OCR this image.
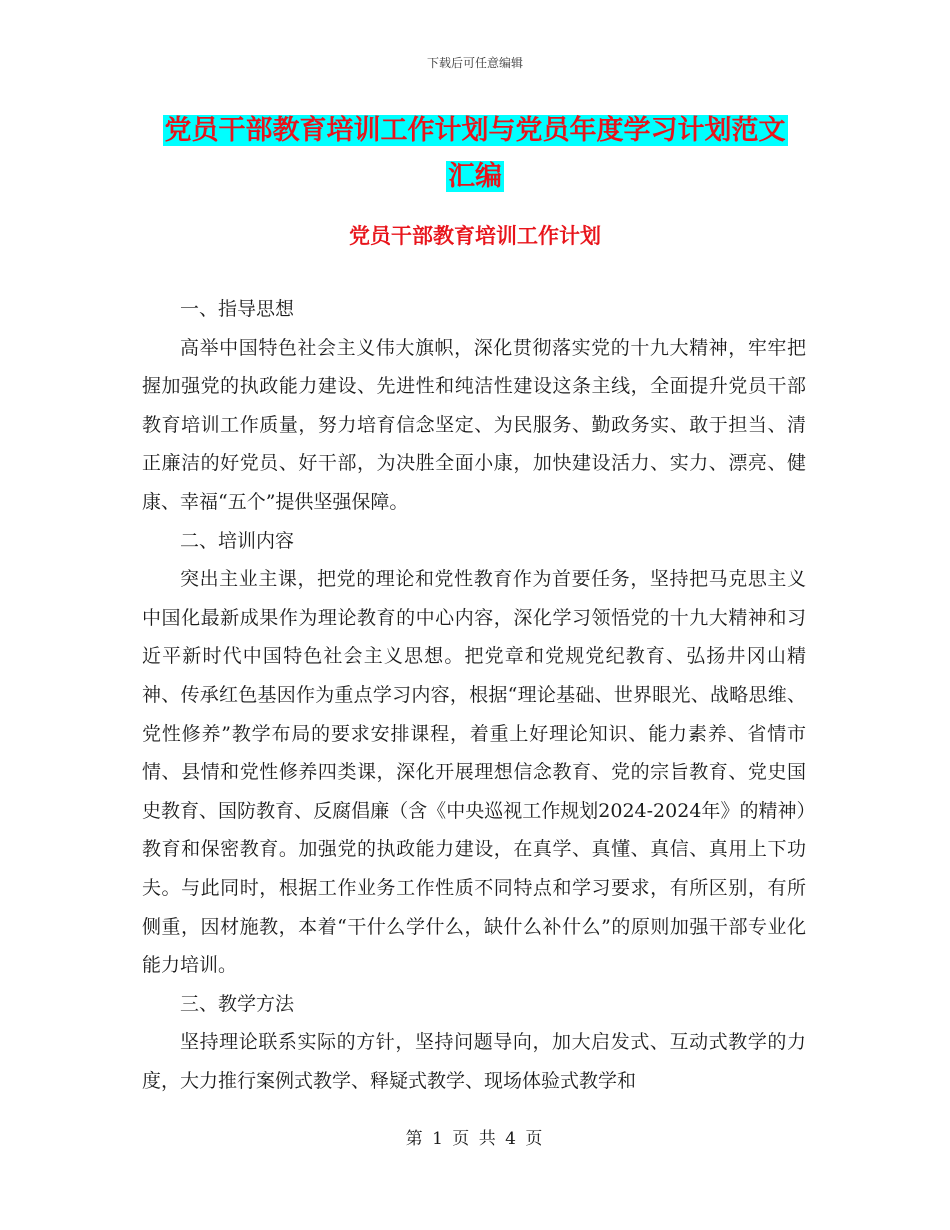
下载后可任意编辑
党员干部教育培训工作计划与党员年度学习计划范文
汇编
党员干部教育培训工作计划

一、指导思想

高举中国特色社会主义伟大旗帜，深化贯彻落实党的十九大精神，牢牢把握加强党的执政能力建设、先进性和纯洁性建设这条主线，全面提升党员干部教育培训工作质量，努力培育信念坚定、为民服务、勤政务实、敢于担当、清正廉洁的好党员、好干部，为决胜全面小康，加快建设活力、实力、漂亮、健康、幸福“五个”提供坚强保障。

二、培训内容

突出主业主课，把党的理论和党性教育作为首要任务，坚持把马克思主义中国化最新成果作为理论教育的中心内容，深化学习领悟党的十九大精神和习近平新时代中国特色社会主义思想。把党章和党规党纪教育、弘扬井冈山精神、传承红色基因作为重点学习内容，根据“理论基础、世界眼光、战略思维、党性修养”教学布局的要求安排课程，着重上好理论知识、能力素养、省情市情、县情和党性修养四类课，深化开展理想信念教育、党的宗旨教育、党史国史教育、国防教育、反腐倡廉（含《中央巡视工作规划2024-2024年》的精神）教育和保密教育。加强党的执政能力建设，在真学、真懂、真信、真用上下功夫。与此同时，根据工作业务工作性质不同特点和学习要求，有所区别，有所侧重，因材施教，本着“干什么学什么，缺什么补什么”的原则加强干部专业化能力培训。

三、教学方法

坚持理论联系实际的方针，坚持问题导向，加大启发式、互动式教学的力度，大力推行案例式教学、释疑式教学、现场体验式教学和

第 1 页 共 4 页
